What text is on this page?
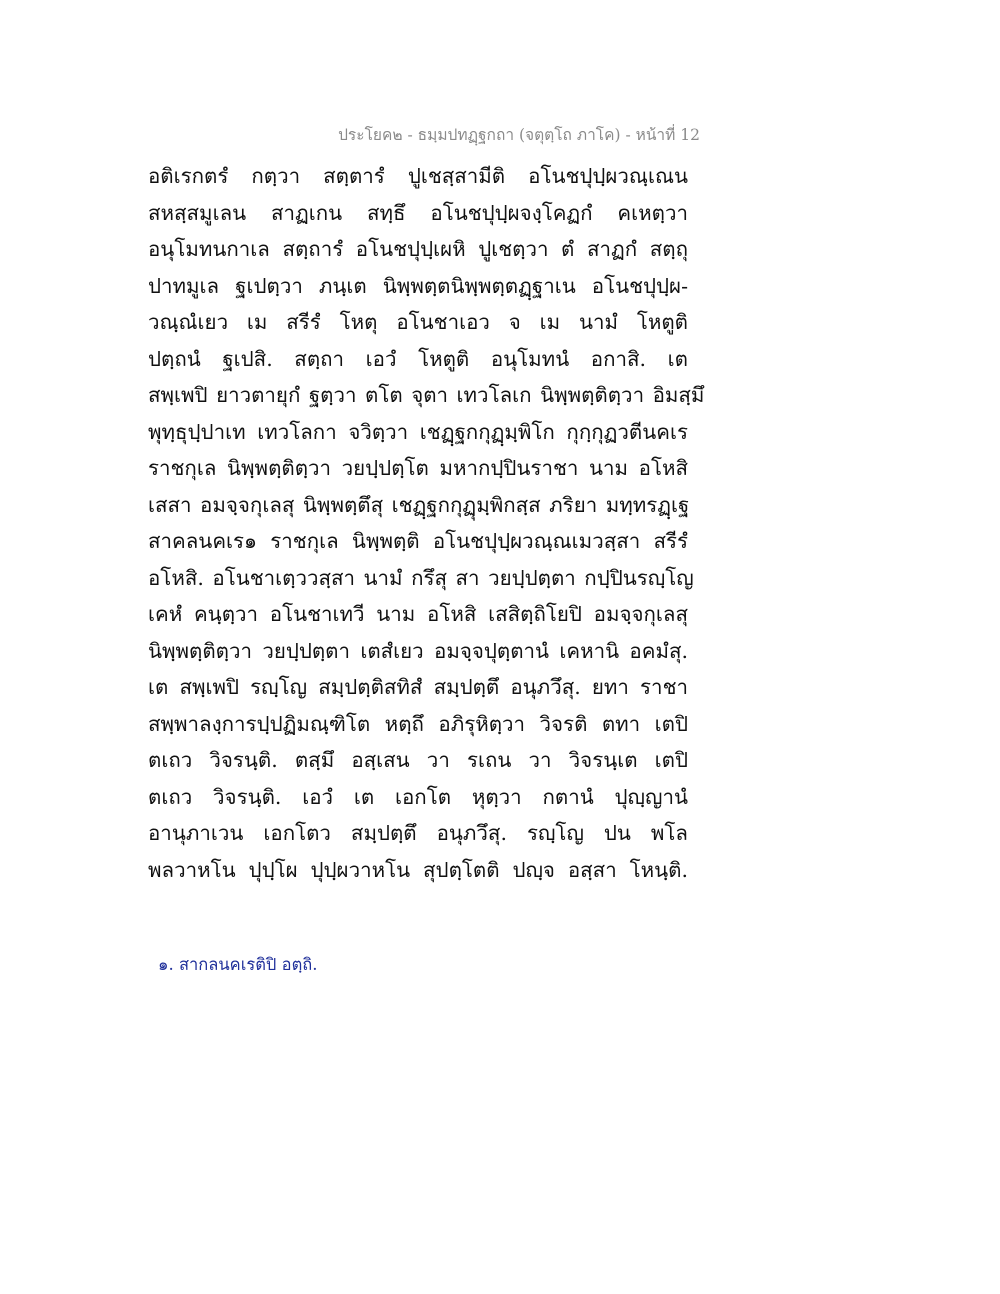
ประโยค๒ - ธมฺมปทฏฺฐกถา (จตุตฺโถ ภาโค) - หน้าที่ 12
อติเรกตรํ กตฺวา สตฺตารํ ปูเชสฺสามีติ อโนชปุปฺผวณฺเณน
สหสฺสมูเลน สาฏเกน สทฺธึ อโนชปุปฺผจงฺโคฏกํ คเหตฺวา
อนุโมทนกาเล สตฺถารํ อโนชปุปฺเผหิ ปูเชตฺวา ตํ สาฏกํ สตฺถุ
ปาทมูเล ฐเปตฺวา ภนฺเต นิพฺพตฺตนิพฺพตฺตฏฺฐาเน อโนชปุปฺผ-
วณฺณํเยว เม สรีรํ โหตุ อโนชาเอว จ เม นามํ โหตูติ
ปตฺถนํ ฐเปสิ. สตฺถา เอวํ โหตูติ อนุโมทนํ อกาสิ. เต
สพฺเพปิ ยาวตายุกํ ฐตฺวา ตโต จุตา เทวโลเก นิพฺพตฺติตฺวา อิมสฺมึ
พุทฺธุปฺปาเท เทวโลกา จวิตฺวา เชฏฺฐกกุฏฺมฺพิโก กุกฺกุฏวตีนคเร
ราชกุเล นิพฺพตฺติตฺวา วยปฺปตฺโต มหากปฺปินราชา นาม อโหสิ
เสสา อมจฺจกุเลสุ นิพฺพตฺตึสุ เชฏฺฐกกุฏุมฺพิกสฺส ภริยา มทฺทรฏฺเฐ
สาคลนคเร๑ ราชกุเล นิพฺพตฺติ อโนชปุปฺผวณฺณเมวสฺสา สรีรํ
อโหสิ. อโนชาเตฺววสฺสา นามํ กรึสุ สา วยปฺปตฺตา กปฺปินรญฺโญ
เคหํ คนฺตฺวา อโนชาเทวี นาม อโหสิ เสสิตฺถิโยปิ อมจฺจกุเลสุ
นิพฺพตฺติตฺวา วยปฺปตฺตา เตสํเยว อมจฺจปุตฺตานํ เคหานิ อคมํสุ.
เต สพฺเพปิ รญฺโญ สมฺปตฺติสทิสํ สมฺปตฺตึ อนุภวึสุ. ยทา ราชา
สพฺพาลงฺการปฺปฏิมณฺฑิโต หตฺถึ อภิรุหิตฺวา วิจรติ ตทา เตปิ
ตเถว วิจรนฺติ. ตสฺมึ อสฺเสน วา รเถน วา วิจรนฺเต เตปิ
ตเถว วิจรนฺติ. เอวํ เต เอกโต หุตฺวา กตานํ ปุญฺญานํ
อานุภาเวน เอกโตว สมฺปตฺตึ อนุภวึสุ. รญฺโญ ปน พโล
พลวาหโน ปุปฺโผ ปุปฺผวาหโน สุปตฺโตติ ปญฺจ อสฺสา โหนฺติ.
๑. สากลนคเรติปิ อตฺถิ.
